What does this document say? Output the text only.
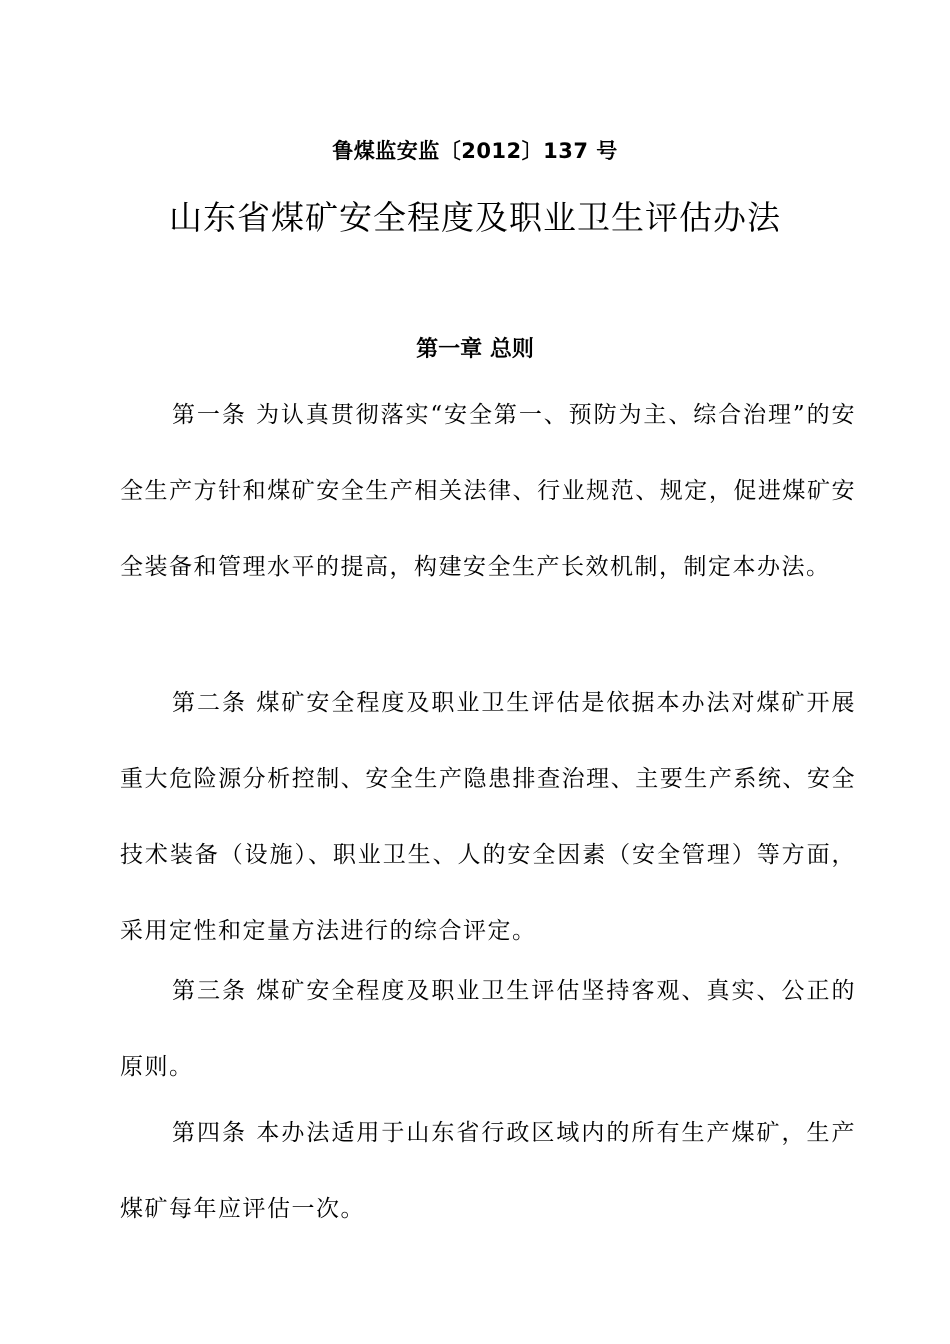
鲁煤监安监〔2012〕137 号
山东省煤矿安全程度及职业卫生评估办法
第一章 总则

第一条 为认真贯彻落实“安全第一、预防为主、综合治理”的安全生产方针和煤矿安全生产相关法律、行业规范、规定，促进煤矿安全装备和管理水平的提高，构建安全生产长效机制，制定本办法。

第二条 煤矿安全程度及职业卫生评估是依据本办法对煤矿开展重大危险源分析控制、安全生产隐患排查治理、主要生产系统、安全技术装备（设施）、职业卫生、人的安全因素（安全管理）等方面，采用定性和定量方法进行的综合评定。

第三条 煤矿安全程度及职业卫生评估坚持客观、真实、公正的原则。

第四条 本办法适用于山东省行政区域内的所有生产煤矿，生产煤矿每年应评估一次。
